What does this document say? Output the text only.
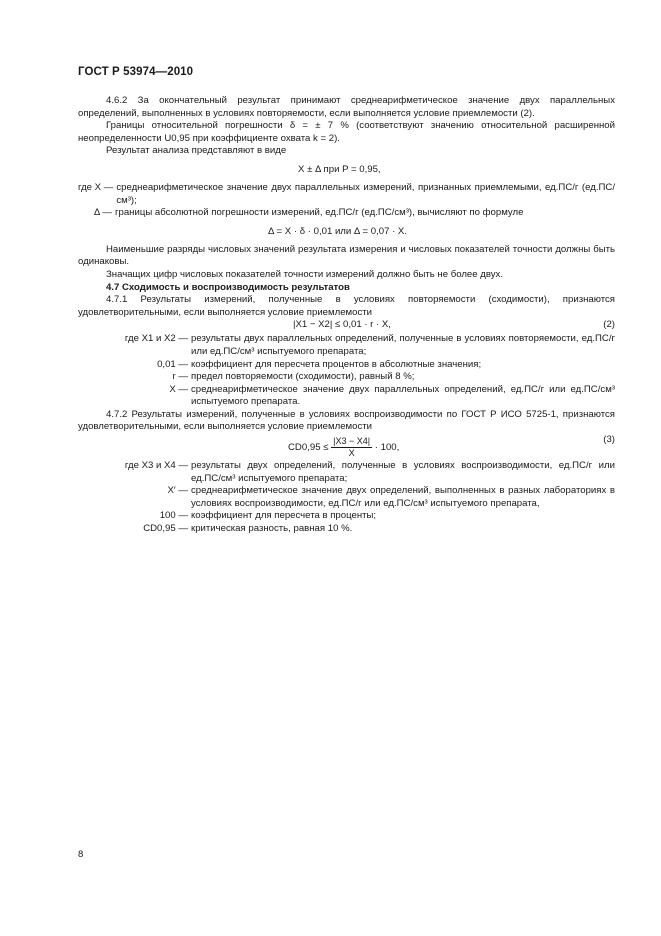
ГОСТ Р 53974—2010

4.6.2 За окончательный результат принимают среднеарифметическое значение двух параллельных определений, выполненных в условиях повторяемости, если выполняется условие приемлемости (2).

Границы относительной погрешности δ = ± 7 % (соответствуют значению относительной расширенной неопределенности U0,95 при коэффициенте охвата k = 2).

Результат анализа представляют в виде

X ± Δ при P = 0,95,
где X —	среднеарифметическое значение двух параллельных измерений, признанных приемлемыми, ед.ПС/г (ед.ПС/см³);
Δ —	границы абсолютной погрешности измерений, ед.ПС/г (ед.ПС/см³), вычисляют по формуле
Δ = X · δ · 0,01 или Δ = 0,07 · X.

Наименьшие разряды числовых значений результата измерения и числовых показателей точности должны быть одинаковы.

Значащих цифр числовых показателей точности измерений должно быть не более двух.

4.7 Сходимость и воспроизводимость результатов

4.7.1 Результаты измерений, полученные в условиях повторяемости (сходимости), признаются удовлетворительными, если выполняется условие приемлемости

|X1 − X2| ≤ 0,01 · r · X,	(2)
где X1 и X2 —	результаты двух параллельных определений, полученные в условиях повторяемости, ед.ПС/г или ед.ПС/см³ испытуемого препарата;
0,01 —	коэффициент для пересчета процентов в абсолютные значения;
r —	предел повторяемости (сходимости), равный 8 %;
X —	среднеарифметическое значение двух параллельных определений, ед.ПС/г или ед.ПС/см³ испытуемого препарата.

4.7.2 Результаты измерений, полученные в условиях воспроизводимости по ГОСТ Р ИСО 5725-1, признаются удовлетворительными, если выполняется условие приемлемости

$CD0,95 \le \frac{|X3 - X4|}{X} \cdot 100$,
(3)
где X3 и X4 —	результаты двух определений, полученные в условиях воспроизводимости, ед.ПС/г или ед.ПС/см³ испытуемого препарата;
X′ —	среднеарифметическое значение двух определений, выполненных в разных лабораториях в условиях воспроизводимости, ед.ПС/г или ед.ПС/см³ испытуемого препарата,
100 —	коэффициент для пересчета в проценты;
CD0,95 —	критическая разность, равная 10 %.
8
